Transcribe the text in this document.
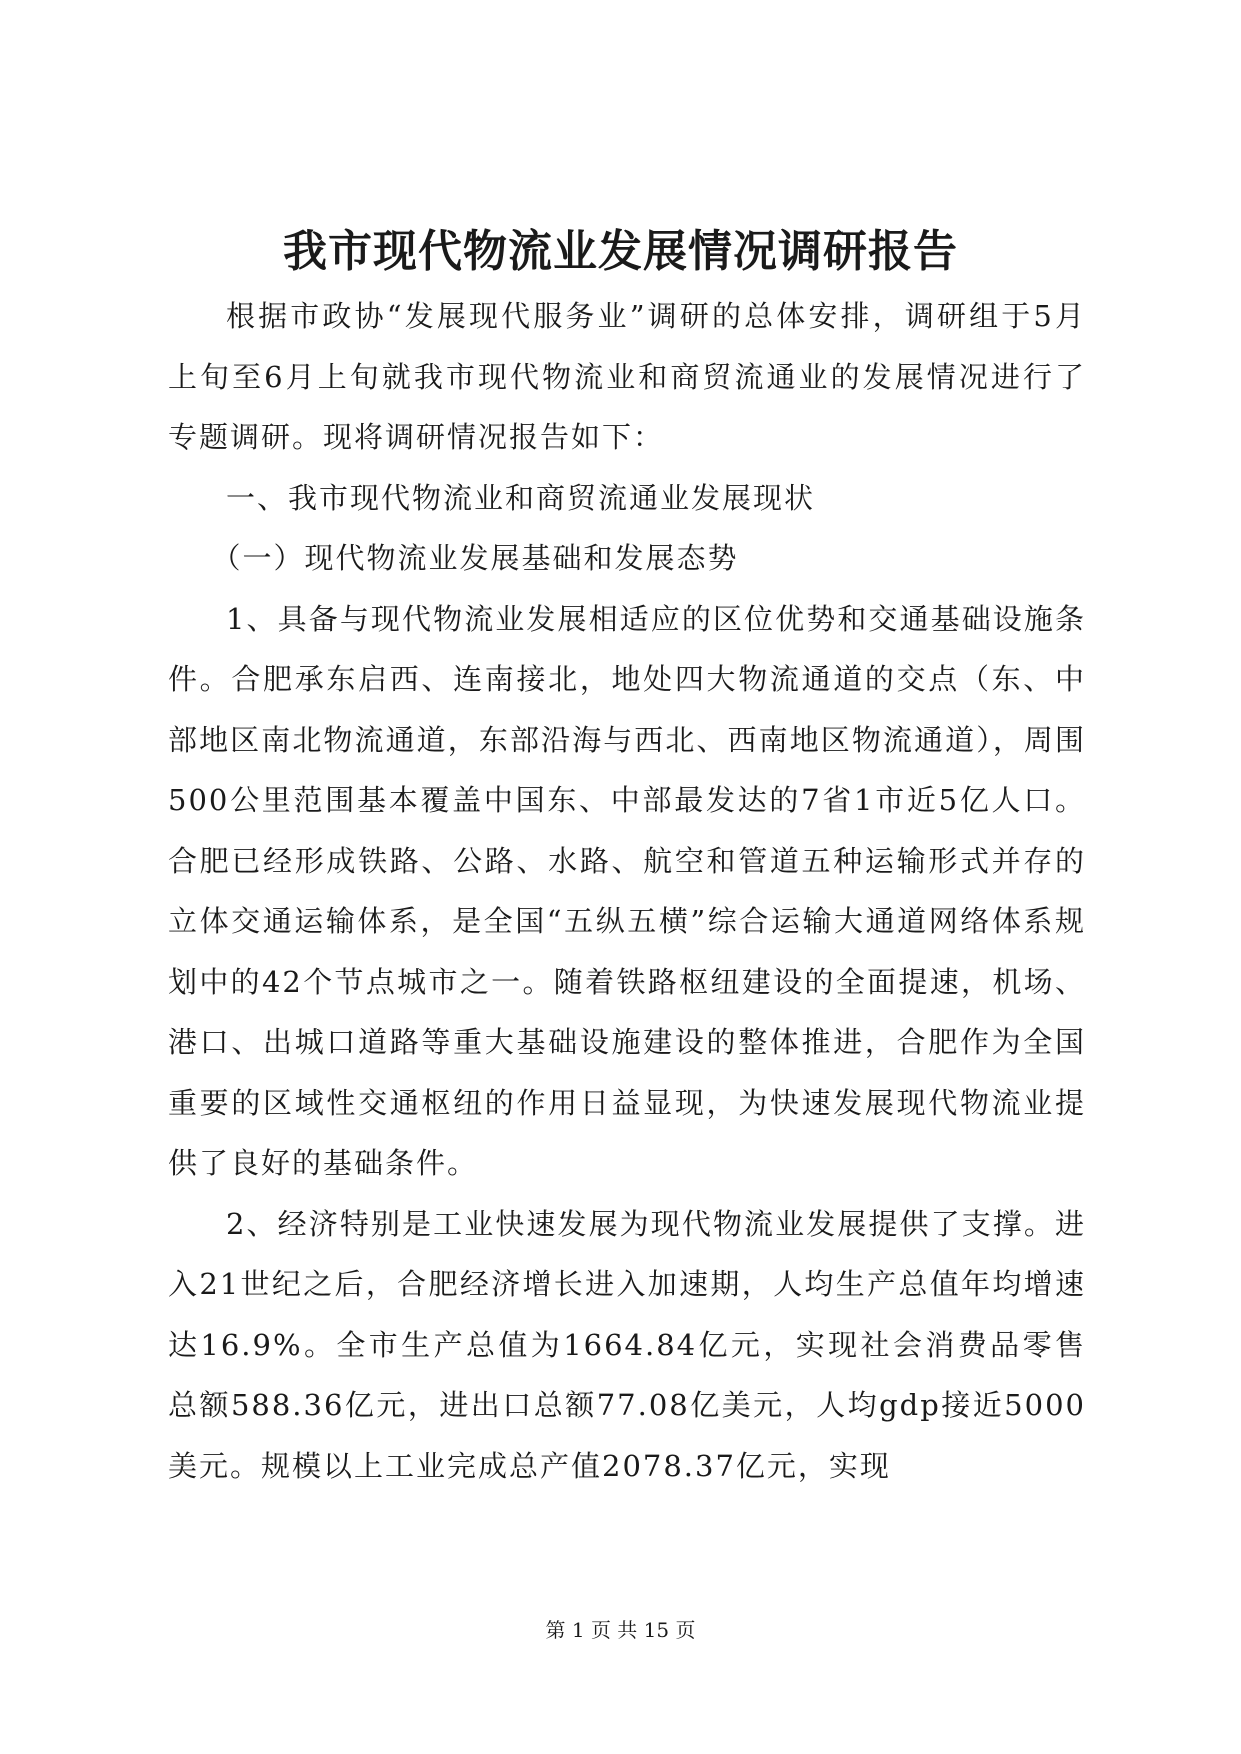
我市现代物流业发展情况调研报告

根据市政协“发展现代服务业”调研的总体安排，调研组于5月上旬至6月上旬就我市现代物流业和商贸流通业的发展情况进行了专题调研。现将调研情况报告如下：

一、我市现代物流业和商贸流通业发展现状

（一）现代物流业发展基础和发展态势

1、具备与现代物流业发展相适应的区位优势和交通基础设施条件。合肥承东启西、连南接北，地处四大物流通道的交点（东、中部地区南北物流通道，东部沿海与西北、西南地区物流通道），周围500公里范围基本覆盖中国东、中部最发达的7省1市近5亿人口。合肥已经形成铁路、公路、水路、航空和管道五种运输形式并存的立体交通运输体系，是全国“五纵五横”综合运输大通道网络体系规划中的42个节点城市之一。随着铁路枢纽建设的全面提速，机场、港口、出城口道路等重大基础设施建设的整体推进，合肥作为全国重要的区域性交通枢纽的作用日益显现，为快速发展现代物流业提供了良好的基础条件。

2、经济特别是工业快速发展为现代物流业发展提供了支撑。进入21世纪之后，合肥经济增长进入加速期，人均生产总值年均增速达16.9%。全市生产总值为1664.84亿元，实现社会消费品零售总额588.36亿元，进出口总额77.08亿美元，人均gdp接近5000美元。规模以上工业完成总产值2078.37亿元，实现

第 1 页 共 15 页
